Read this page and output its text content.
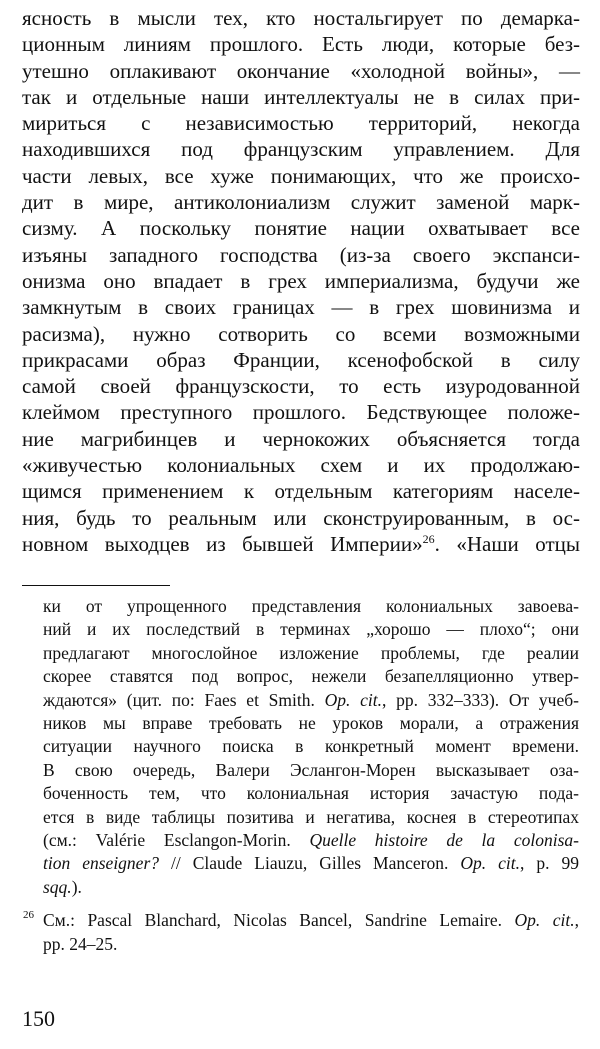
ясность в мысли тех, кто ностальгирует по демарка-
ционным линиям прошлого. Есть люди, которые без-
утешно оплакивают окончание «холодной войны», —
так и отдельные наши интеллектуалы не в силах при-
мириться с независимостью территорий, некогда
находившихся под французским управлением. Для
части левых, все хуже понимающих, что же происхо-
дит в мире, антиколониализм служит заменой марк-
сизму. А поскольку понятие нации охватывает все
изъяны западного господства (из-за своего экспанси-
онизма оно впадает в грех империализма, будучи же
замкнутым в своих границах — в грех шовинизма и
расизма), нужно сотворить со всеми возможными
прикрасами образ Франции, ксенофобской в силу
самой своей французскости, то есть изуродованной
клеймом преступного прошлого. Бедствующее положе-
ние магрибинцев и чернокожих объясняется тогда
«живучестью колониальных схем и их продолжаю-
щимся применением к отдельным категориям населе-
ния, будь то реальным или сконструированным, в ос-
новном выходцев из бывшей Империи»$^{26}$. «Наши отцы
ки от упрощенного представления колониальных завоева-
ний и их последствий в терминах „хорошо — плохо“; они
предлагают многослойное изложение проблемы, где реалии
скорее ставятся под вопрос, нежели безапелляционно утвер-
ждаются» (цит. по: Faes et Smith. Op. cit., pp. 332–333). От учеб-
ников мы вправе требовать не уроков морали, а отражения
ситуации научного поиска в конкретный момент времени.
В свою очередь, Валери Эслангон-Морен высказывает оза-
боченность тем, что колониальная история зачастую пода-
ется в виде таблицы позитива и негатива, коснея в стереотипах
(см.: Valérie Esclangon-Morin. Quelle histoire de la colonisa-
tion enseigner? // Claude Liauzu, Gilles Manceron. Op. cit., p. 99
sqq.).
26 См.: Pascal Blanchard, Nicolas Bancel, Sandrine Lemaire. Op. cit.,
pp. 24–25.
150
